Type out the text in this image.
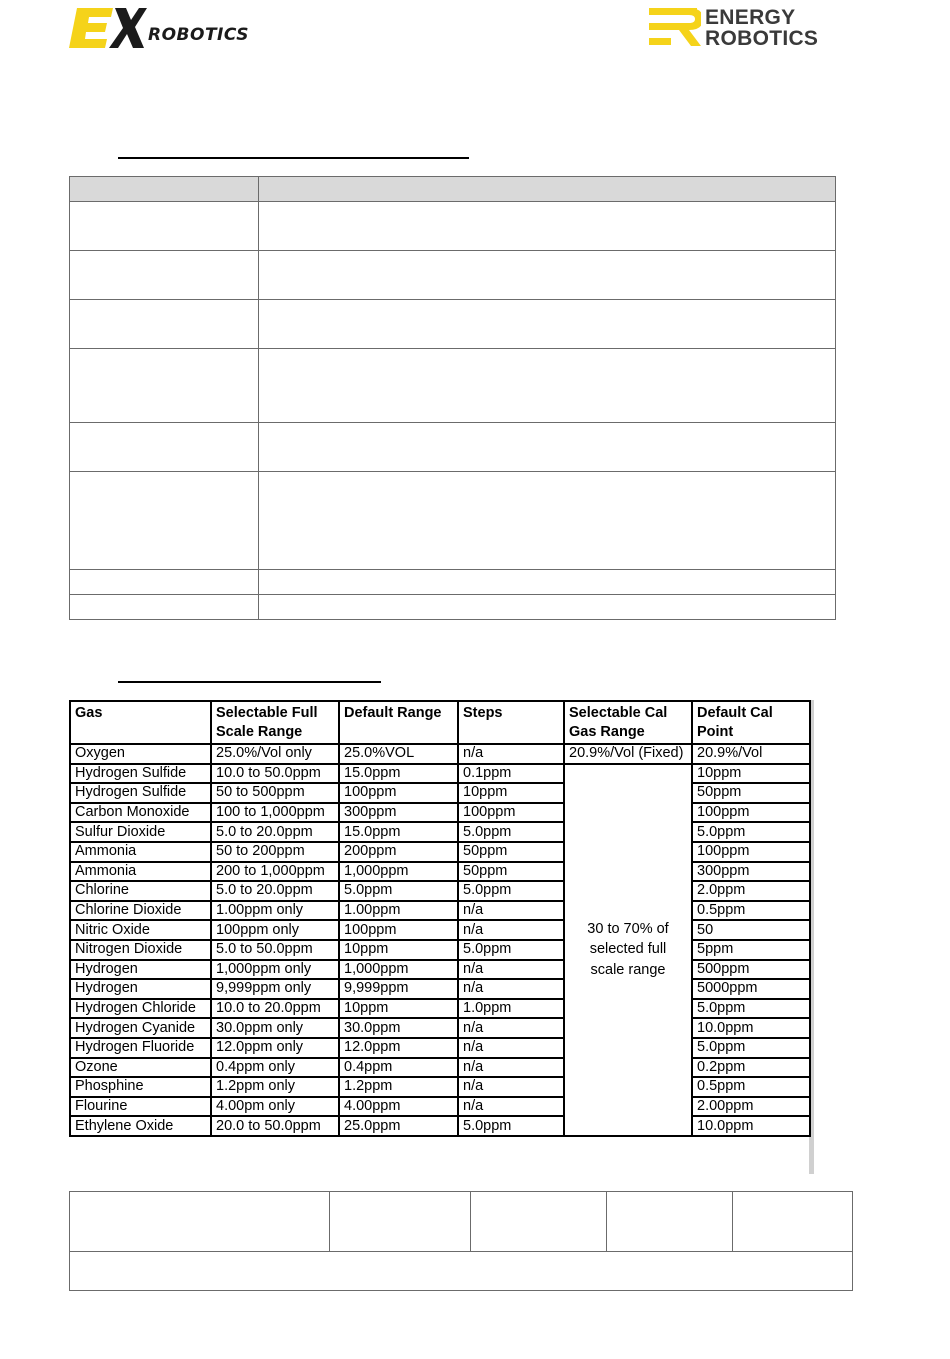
ROBOTICS
ENERGY
ROBOTICS

Gas	Selectable Full Scale Range	Default Range	Steps	Selectable Cal Gas Range	Default Cal Point
Oxygen	25.0%/Vol only	25.0%VOL	n/a	20.9%/Vol (Fixed)	20.9%/Vol
Hydrogen Sulfide	10.0 to 50.0ppm	15.0ppm	0.1ppm	30 to 70% of selected full scale range	10ppm
Hydrogen Sulfide	50 to 500ppm	100ppm	10ppm		50ppm
Carbon Monoxide	100 to 1,000ppm	300ppm	100ppm		100ppm
Sulfur Dioxide	5.0 to 20.0ppm	15.0ppm	5.0ppm		5.0ppm
Ammonia	50 to 200ppm	200ppm	50ppm		100ppm
Ammonia	200 to 1,000ppm	1,000ppm	50ppm		300ppm
Chlorine	5.0 to 20.0ppm	5.0ppm	5.0ppm		2.0ppm
Chlorine Dioxide	1.00ppm only	1.00ppm	n/a		0.5ppm
Nitric Oxide	100ppm only	100ppm	n/a		50
Nitrogen Dioxide	5.0 to 50.0ppm	10ppm	5.0ppm		5ppm
Hydrogen	1,000ppm only	1,000ppm	n/a		500ppm
Hydrogen	9,999ppm only	9,999ppm	n/a		5000ppm
Hydrogen Chloride	10.0 to 20.0ppm	10ppm	1.0ppm		5.0ppm
Hydrogen Cyanide	30.0ppm only	30.0ppm	n/a		10.0ppm
Hydrogen Fluoride	12.0ppm only	12.0ppm	n/a		5.0ppm
Ozone	0.4ppm only	0.4ppm	n/a		0.2ppm
Phosphine	1.2ppm only	1.2ppm	n/a		0.5ppm
Flourine	4.00pm only	4.00ppm	n/a		2.00ppm
Ethylene Oxide	20.0 to 50.0ppm	25.0ppm	5.0ppm		10.0ppm
